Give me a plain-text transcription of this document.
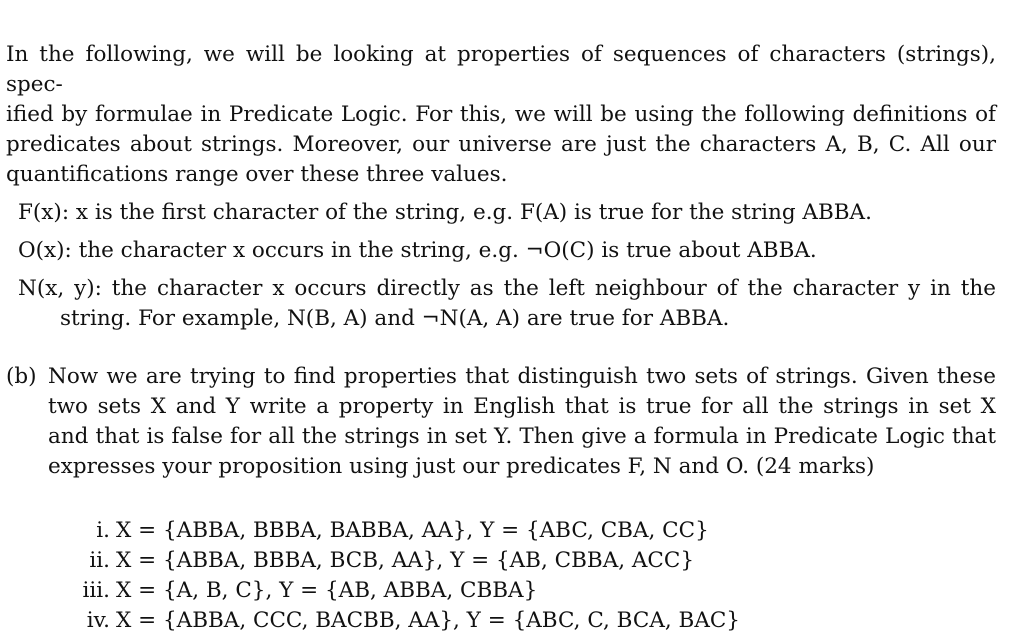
In the following, we will be looking at properties of sequences of characters (strings), spec-
ified by formulae in Predicate Logic. For this, we will be using the following definitions of
predicates about strings. Moreover, our universe are just the characters A, B, C. All our
quantifications range over these three values.

F(x): x is the first character of the string, e.g. F(A) is true for the string ABBA.
O(x): the character x occurs in the string, e.g. ¬O(C) is true about ABBA.
N(x, y): the character x occurs directly as the left neighbour of the character y in the
string. For example, N(B, A) and ¬N(A, A) are true for ABBA.
(b) Now we are trying to find properties that distinguish two sets of strings. Given these
two sets X and Y write a property in English that is true for all the strings in set X
and that is false for all the strings in set Y. Then give a formula in Predicate Logic that
expresses your proposition using just our predicates F, N and O. (24 marks)
i. X = {ABBA, BBBA, BABBA, AA}, Y = {ABC, CBA, CC}
ii. X = {ABBA, BBBA, BCB, AA}, Y = {AB, CBBA, ACC}
iii. X = {A, B, C}, Y = {AB, ABBA, CBBA}
iv. X = {ABBA, CCC, BACBB, AA}, Y = {ABC, C, BCA, BAC}
